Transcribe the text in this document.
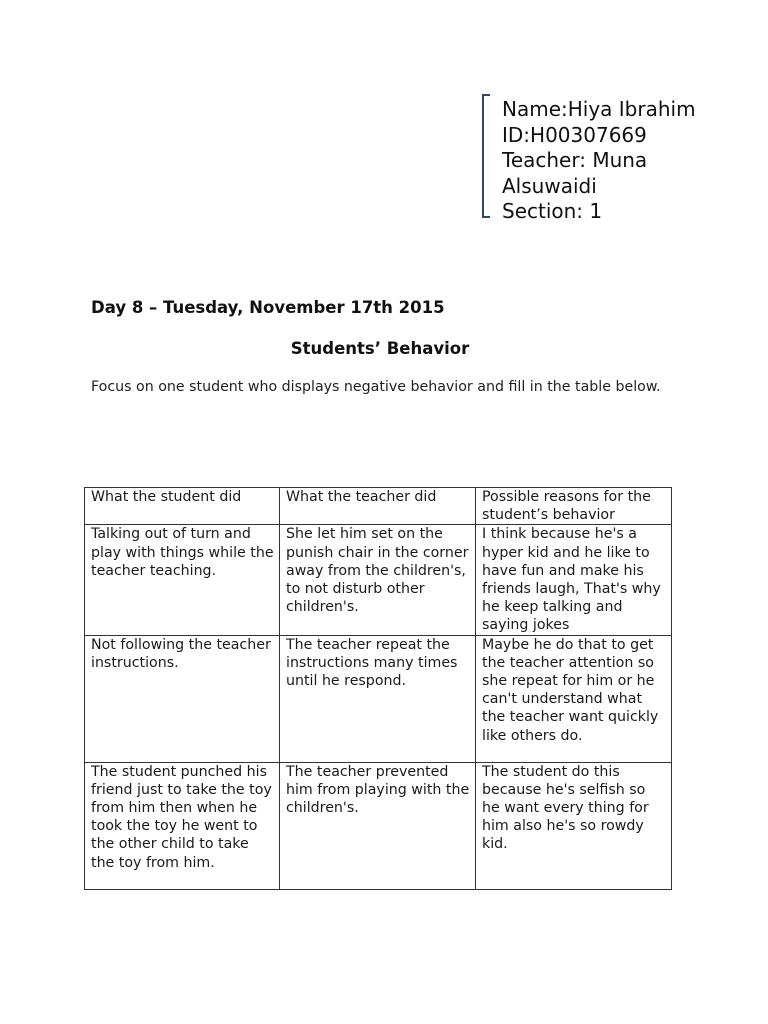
Name:Hiya Ibrahim
ID:H00307669
Teacher: Muna
Alsuwaidi
Section: 1
Day 8 – Tuesday, November 17th 2015
Students’ Behavior
Focus on one student who displays negative behavior and fill in the table below.
What the student did	What the teacher did	Possible reasons for the student’s behavior
Talking out of turn and play with things while the teacher teaching.	She let him set on the punish chair in the corner away from the children's, to not disturb other children's.	I think because he's a hyper kid and he like to have fun and make his friends laugh, That's why he keep talking and saying jokes
Not following the teacher instructions.	The teacher repeat the instructions many times until he respond.	Maybe he do that to get the teacher attention so she repeat for him or he can't understand what the teacher want quickly like others do.
The student punched his friend just to take the toy from him then when he took the toy he went to the other child to take the toy from him.	The teacher prevented him from playing with the children's.	The student do this because he's selfish so he want every thing for him also he's so rowdy kid.
